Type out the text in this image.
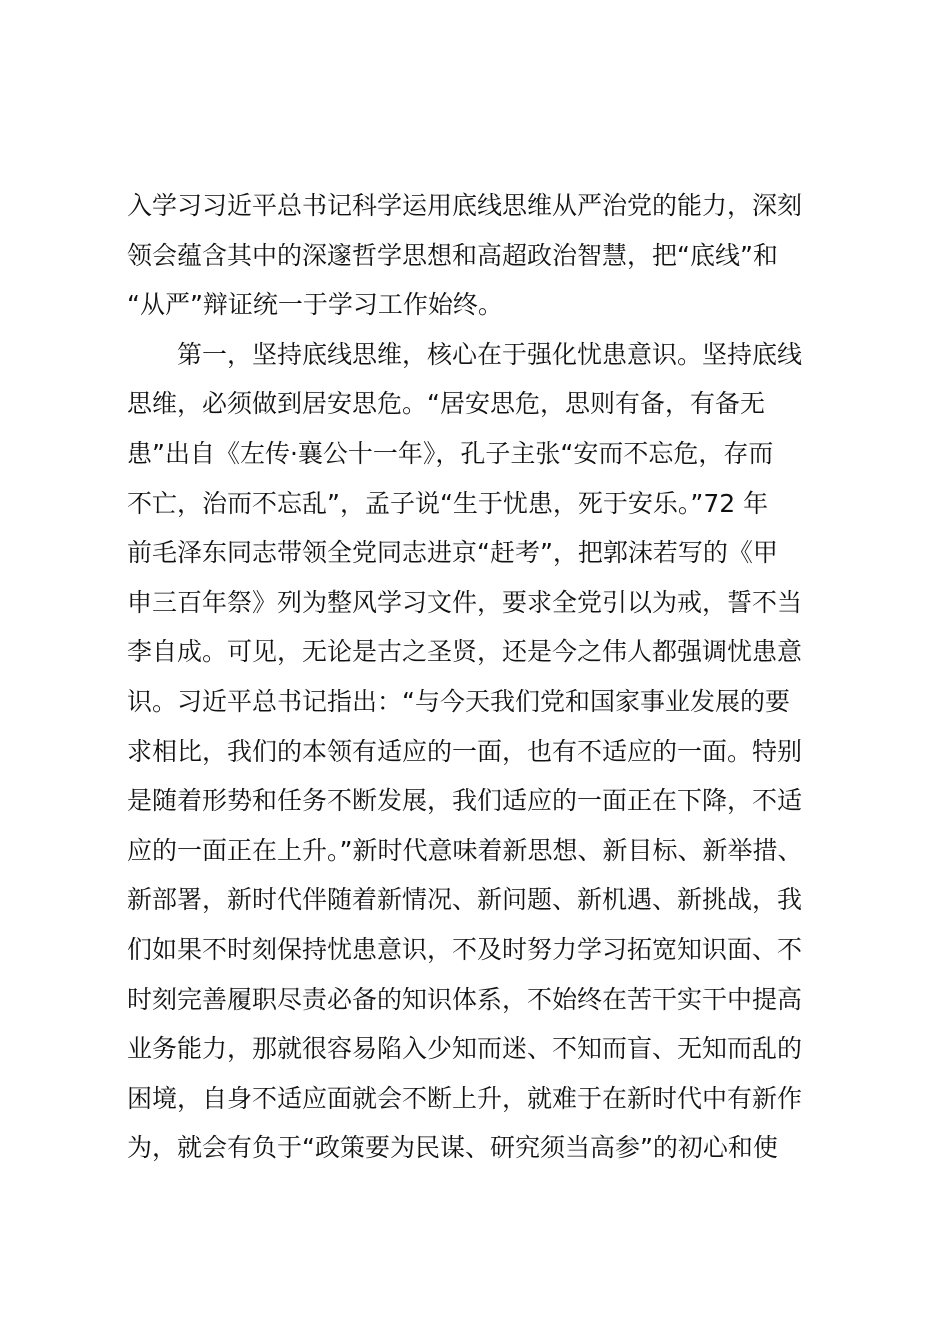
入学习习近平总书记科学运用底线思维从严治党的能力，深刻
领会蕴含其中的深邃哲学思想和高超政治智慧，把“底线”和
“从严”辩证统一于学习工作始终。
第一，坚持底线思维，核心在于强化忧患意识。坚持底线
思维，必须做到居安思危。“居安思危，思则有备，有备无
患”出自《左传·襄公十一年》，孔子主张“安而不忘危，存而
不亡，治而不忘乱”，孟子说“生于忧患，死于安乐。”72 年
前毛泽东同志带领全党同志进京“赶考”，把郭沫若写的《甲
申三百年祭》列为整风学习文件，要求全党引以为戒，誓不当
李自成。可见，无论是古之圣贤，还是今之伟人都强调忧患意
识。习近平总书记指出：“与今天我们党和国家事业发展的要
求相比，我们的本领有适应的一面，也有不适应的一面。特别
是随着形势和任务不断发展，我们适应的一面正在下降，不适
应的一面正在上升。”新时代意味着新思想、新目标、新举措、
新部署，新时代伴随着新情况、新问题、新机遇、新挑战，我
们如果不时刻保持忧患意识，不及时努力学习拓宽知识面、不
时刻完善履职尽责必备的知识体系，不始终在苦干实干中提高
业务能力，那就很容易陷入少知而迷、不知而盲、无知而乱的
困境，自身不适应面就会不断上升，就难于在新时代中有新作
为，就会有负于“政策要为民谋、研究须当高参”的初心和使
